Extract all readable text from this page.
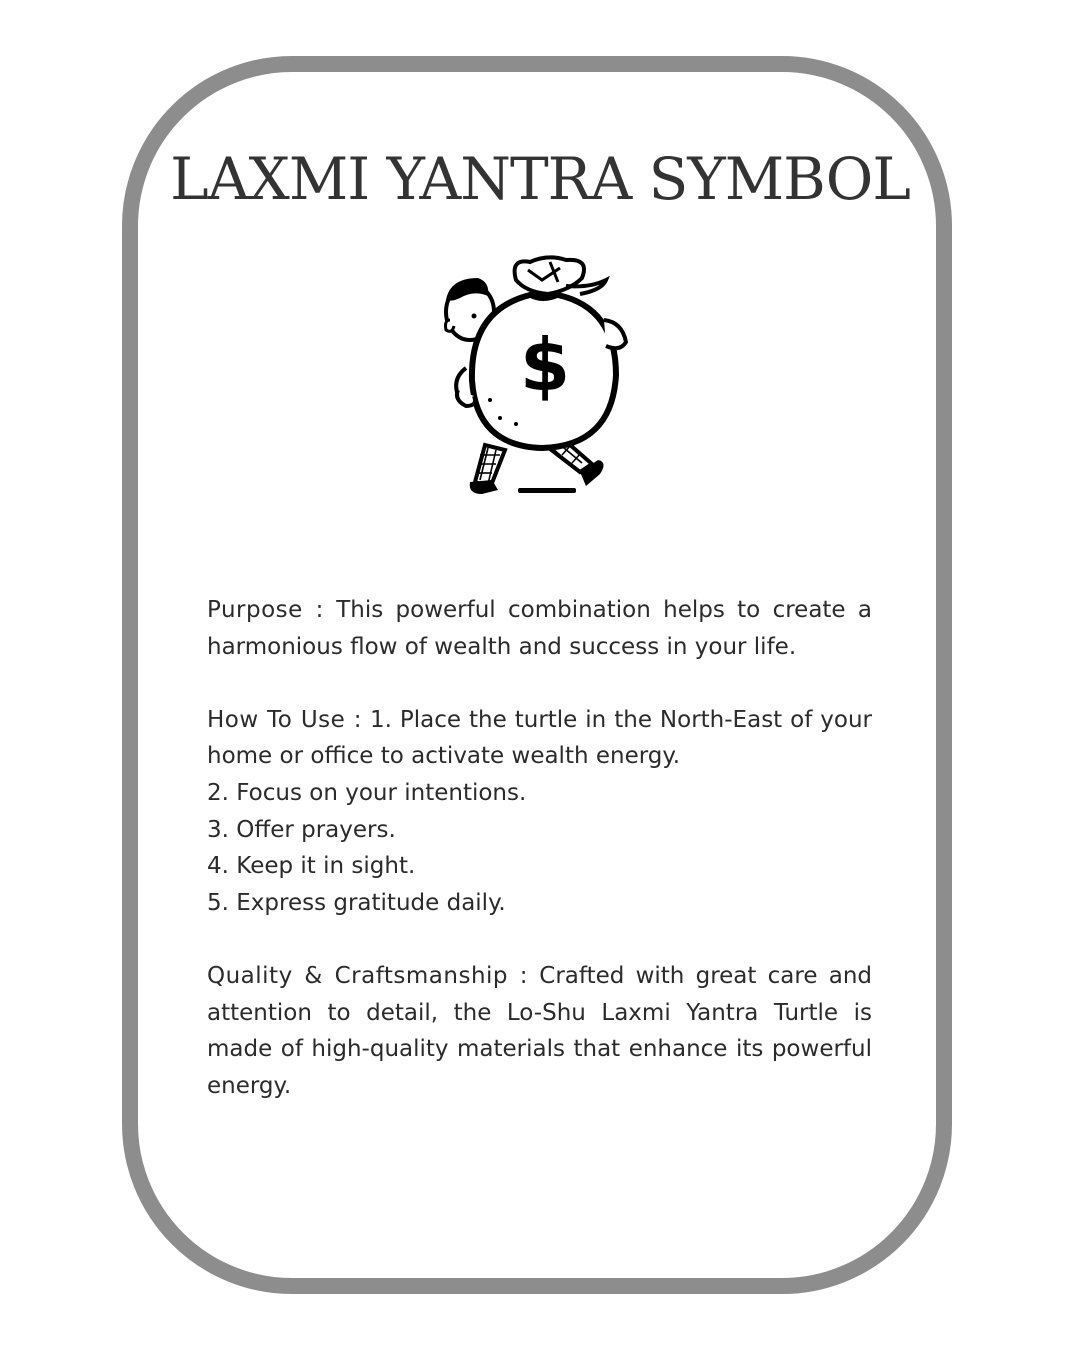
LAXMI YANTRA SYMBOL
$

Purpose : This powerful combination helps to create a harmonious flow of wealth and success in your life.

How To Use : 1. Place the turtle in the North-East of your home or office to activate wealth energy.

2. Focus on your intentions.

3. Offer prayers.

4. Keep it in sight.

5. Express gratitude daily.

Quality & Craftsmanship : Crafted with great care and attention to detail, the Lo-Shu Laxmi Yantra Turtle is made of high-quality materials that enhance its powerful energy.
